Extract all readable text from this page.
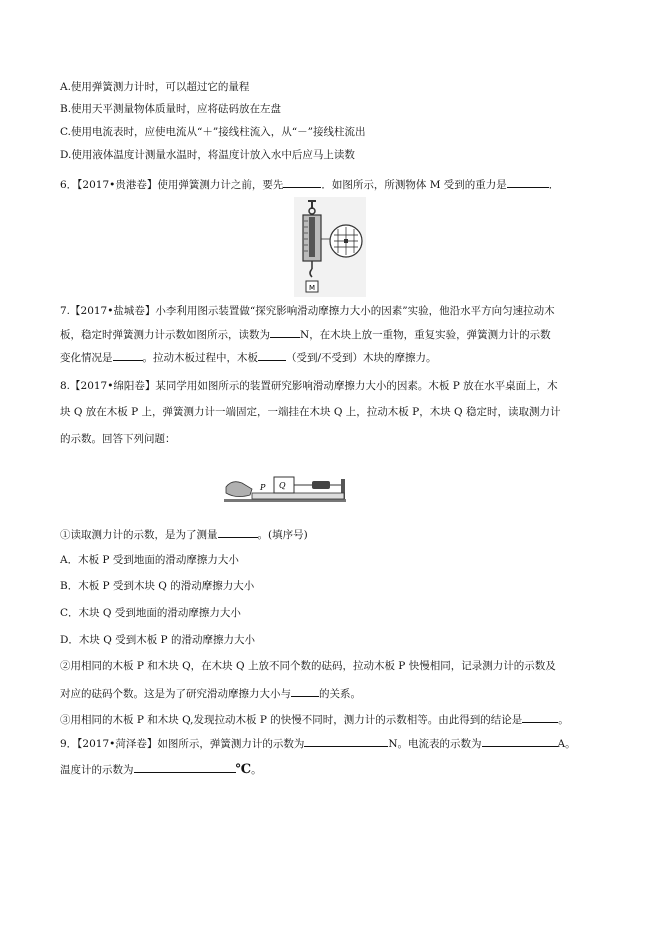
A.使用弹簧测力计时，可以超过它的量程
B.使用天平测量物体质量时，应将砝码放在左盘
C.使用电流表时，应使电流从“＋”接线柱流入，从“－”接线柱流出
D.使用液体温度计测量水温时，将温度计放入水中后应马上读数
6．【2017•贵港卷】使用弹簧测力计之前，要先	．如图所示，所测物体 M 受到的重力是	．
M
7.【2017•盐城卷】小李利用图示装置做“探究影响滑动摩擦力大小的因素”实验，他沿水平方向匀速拉动木
板，稳定时弹簧测力计示数如图所示，读数为	N，在木块上放一重物，重复实验，弹簧测力计的示数
变化情况是	。拉动木板过程中，木板	（受到/不受到）木块的摩擦力。
8.【2017•绵阳卷】某同学用如图所示的装置研究影响滑动摩擦力大小的因素。木板 P 放在水平桌面上，木
块 Q 放在木板 P 上，弹簧测力计一端固定，一端挂在木块 Q 上，拉动木板 P，木块 Q 稳定时，读取测力计
的示数。回答下列问题：
P Q
①读取测力计的示数，是为了测量	。(填序号)
A．木板 P 受到地面的滑动摩擦力大小
B．木板 P 受到木块 Q 的滑动摩擦力大小
C．木块 Q 受到地面的滑动摩擦力大小
D．木块 Q 受到木板 P 的滑动摩擦力大小
②用相同的木板 P 和木块 Q，在木块 Q 上放不同个数的砝码，拉动木板 P 快慢相同，记录测力计的示数及
对应的砝码个数。这是为了研究滑动摩擦力大小与	的关系。
③用相同的木板 P 和木块 Q,发现拉动木板 P 的快慢不同时，测力计的示数相等。由此得到的结论是	。
9．【2017•菏泽卷】如图所示，弹簧测力计的示数为	N。电流表的示数为	A。
温度计的示数为	℃。
